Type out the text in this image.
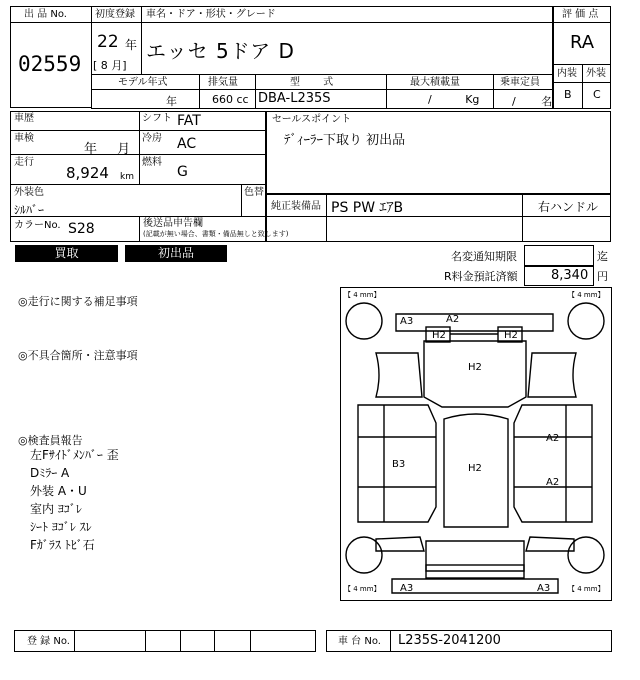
出 品 No.
02559
初度登録
22 年
[ 8 月]
車名・ドア・形状・グレード
エッセ 5ドア D
モデル年式	排気量	型 式	最大積載量	乗車定員
年	660 cc DBA-L235S	/ Kg	/ 名
評 価 点
RA
内装 外装
B C
車歴	シフト FAT
車検
年 月
冷房 AC
走行
8,924 km
燃料
G
外装色
ｼﾙﾊﾞｰ
色替
カラーNo. S28	後送品申告欄
(記載が無い場合、書類・備品無しと致します)
セールスポイント
ﾃﾞｨｰﾗｰ下取り 初出品
純正装備品 PS PW ｴｱB	右ハンドル
買取	初出品	名変通知期限	迄
R料金預託済額	8,340 円
◎走行に関する補足事項
◎不具合箇所・注意事項
◎検査員報告
左Fｻｲﾄﾞﾒﾝﾊﾞｰ 歪
Dﾐﾗｰ A
外装 A・U
室内 ﾖｺﾞﾚ
ｼｰﾄ ﾖｺﾞﾚ ｽﾚ
Fｶﾞﾗｽ ﾄﾋﾞ石
【 4 mm】	【 4 mm】
【 4 mm】	【 4 mm】
A3	A2
H2	H2
H2
B3	H2
A2
A2
A3	A3
登 録 No.	車 台 No. L235S-2041200
